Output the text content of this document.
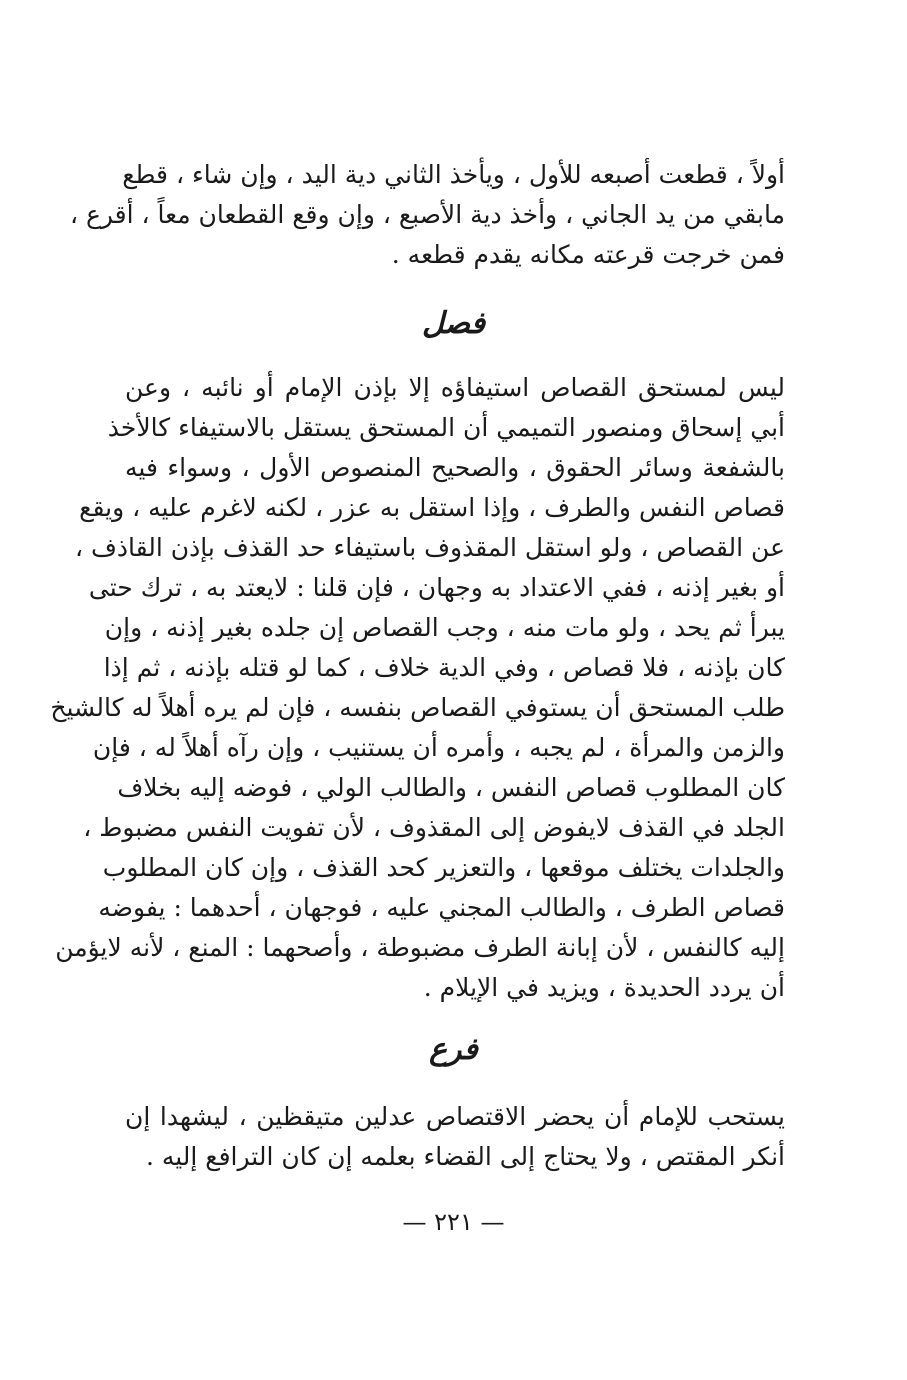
أولاً ، قطعت أصبعه للأول ، ويأخذ الثاني دية اليد ، وإن شاء ، قطع
مابقي من يد الجاني ، وأخذ دية الأصبع ، وإن وقع القطعان معاً ، أقرع ،
فمن خرجت قرعته مكانه يقدم قطعه .
فصل
ليس لمستحق القصاص استيفاؤه إلا بإذن الإمام أو نائبه ، وعن
أبي إسحاق ومنصور التميمي أن المستحق يستقل بالاستيفاء كالأخذ
بالشفعة وسائر الحقوق ، والصحيح المنصوص الأول ، وسواء فيه
قصاص النفس والطرف ، وإذا استقل به عزر ، لكنه لاغرم عليه ، ويقع
عن القصاص ، ولو استقل المقذوف باستيفاء حد القذف بإذن القاذف ،
أو بغير إذنه ، ففي الاعتداد به وجهان ، فإن قلنا : لايعتد به ، ترك حتى
يبرأ ثم يحد ، ولو مات منه ، وجب القصاص إن جلده بغير إذنه ، وإن
كان بإذنه ، فلا قصاص ، وفي الدية خلاف ، كما لو قتله بإذنه ، ثم إذا
طلب المستحق أن يستوفي القصاص بنفسه ، فإن لم يره أهلاً له كالشيخ
والزمن والمرأة ، لم يجبه ، وأمره أن يستنيب ، وإن رآه أهلاً له ، فإن
كان المطلوب قصاص النفس ، والطالب الولي ، فوضه إليه بخلاف
الجلد في القذف لايفوض إلى المقذوف ، لأن تفويت النفس مضبوط ،
والجلدات يختلف موقعها ، والتعزير كحد القذف ، وإن كان المطلوب
قصاص الطرف ، والطالب المجني عليه ، فوجهان ، أحدهما : يفوضه
إليه كالنفس ، لأن إبانة الطرف مضبوطة ، وأصحهما : المنع ، لأنه لايؤمن
أن يردد الحديدة ، ويزيد في الإيلام .
فرع
يستحب للإمام أن يحضر الاقتصاص عدلين متيقظين ، ليشهدا إن
أنكر المقتص ، ولا يحتاج إلى القضاء بعلمه إن كان الترافع إليه .
— ٢٢١ —
